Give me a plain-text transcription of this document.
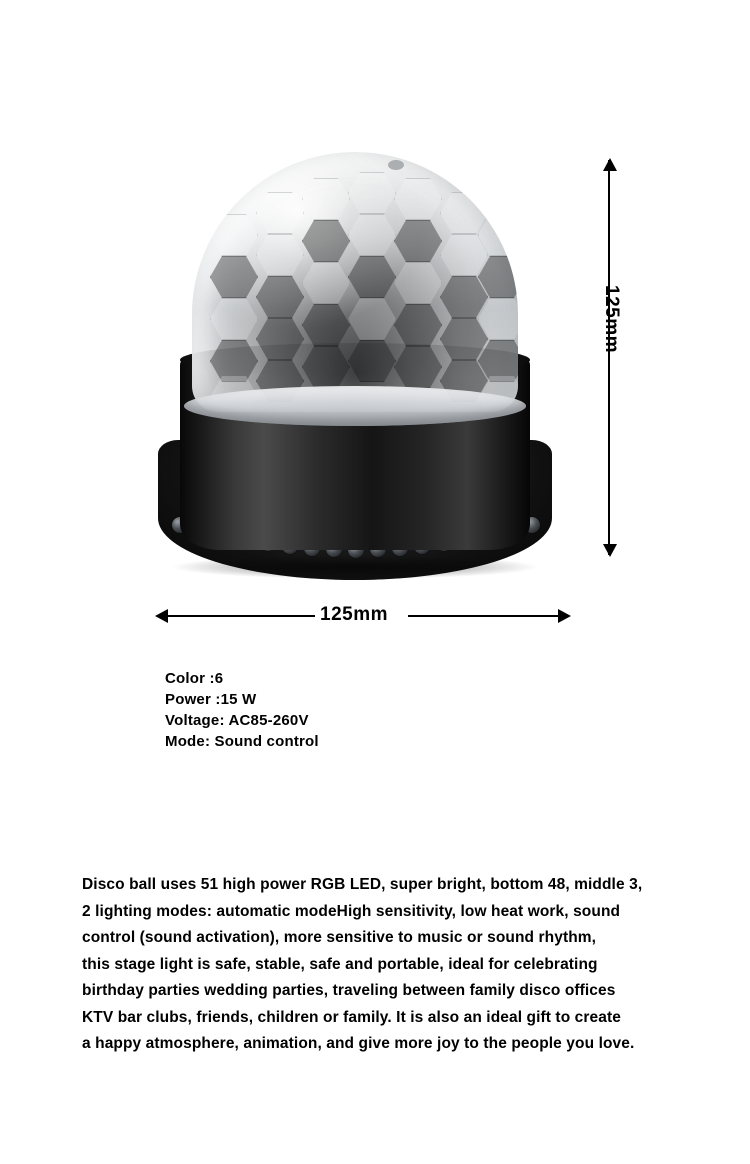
125mm
125mm
Color :6
Power :15 W
Voltage: AC85-260V
Mode: Sound control
Disco ball uses 51 high power RGB LED, super bright, bottom 48, middle 3,
2 lighting modes: automatic modeHigh sensitivity, low heat work, sound
control (sound activation), more sensitive to music or sound rhythm,
this stage light is safe, stable, safe and portable, ideal for celebrating
birthday parties wedding parties, traveling between family disco offices
KTV bar clubs, friends, children or family. It is also an ideal gift to create
a happy atmosphere, animation, and give more joy to the people you love.
